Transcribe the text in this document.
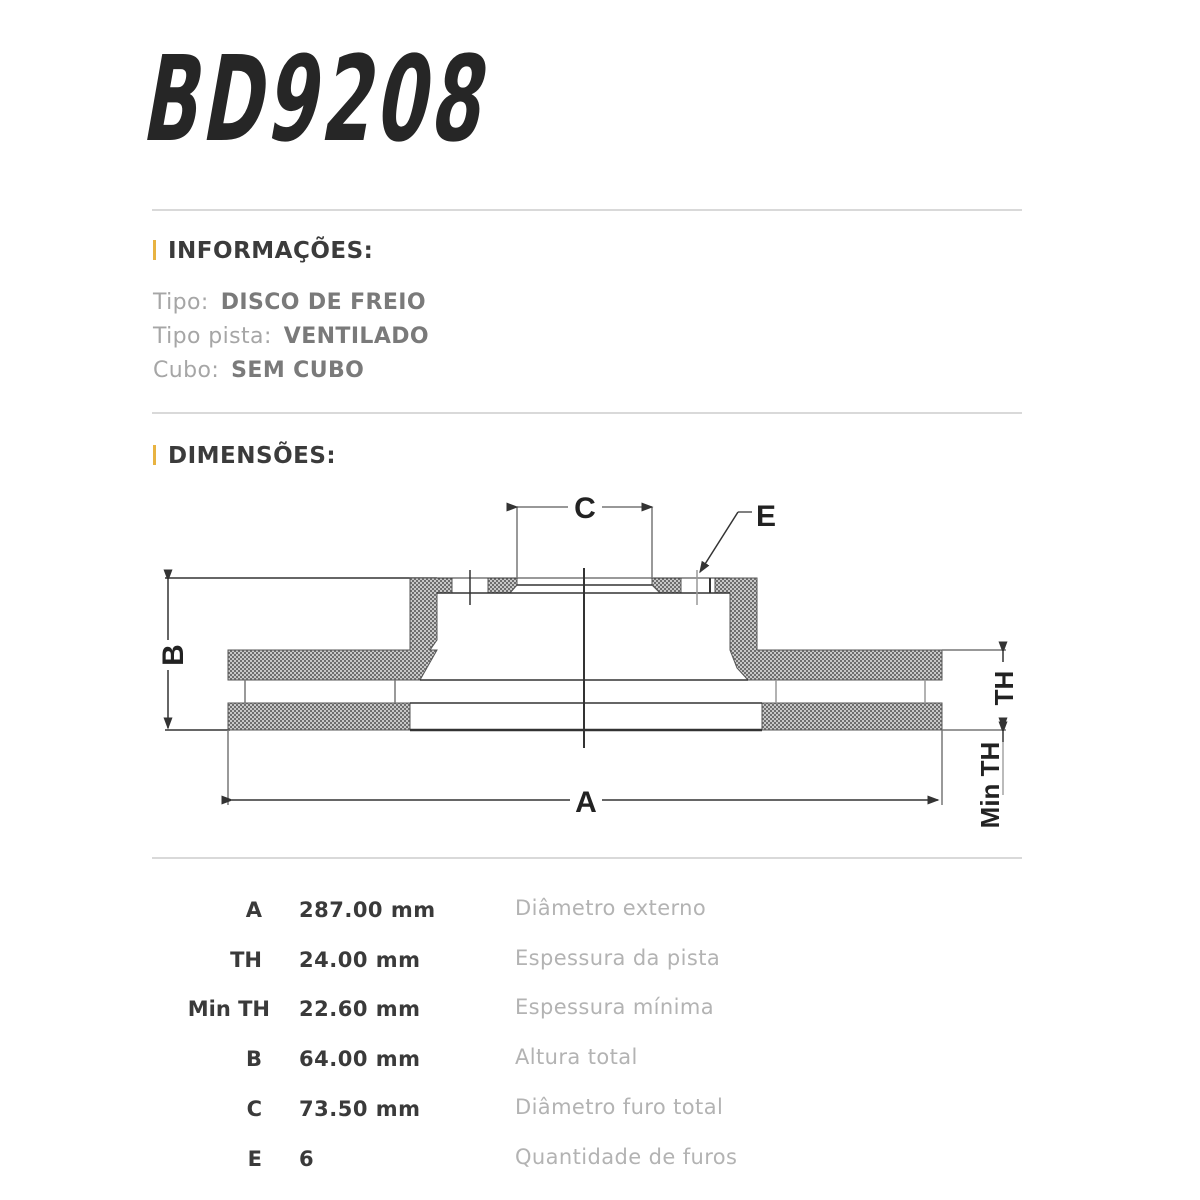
BD9208
INFORMAÇÕES:
Tipo: DISCO DE FREIO
Tipo pista: VENTILADO
Cubo: SEM CUBO
DIMENSÕES:
C	E
A
B
TH
Min TH
A 287.00 mm	Diâmetro externo
TH 24.00 mm	Espessura da pista
Min TH 22.60 mm	Espessura mínima
B 64.00 mm	Altura total
C 73.50 mm	Diâmetro furo total
E 6	Quantidade de furos
